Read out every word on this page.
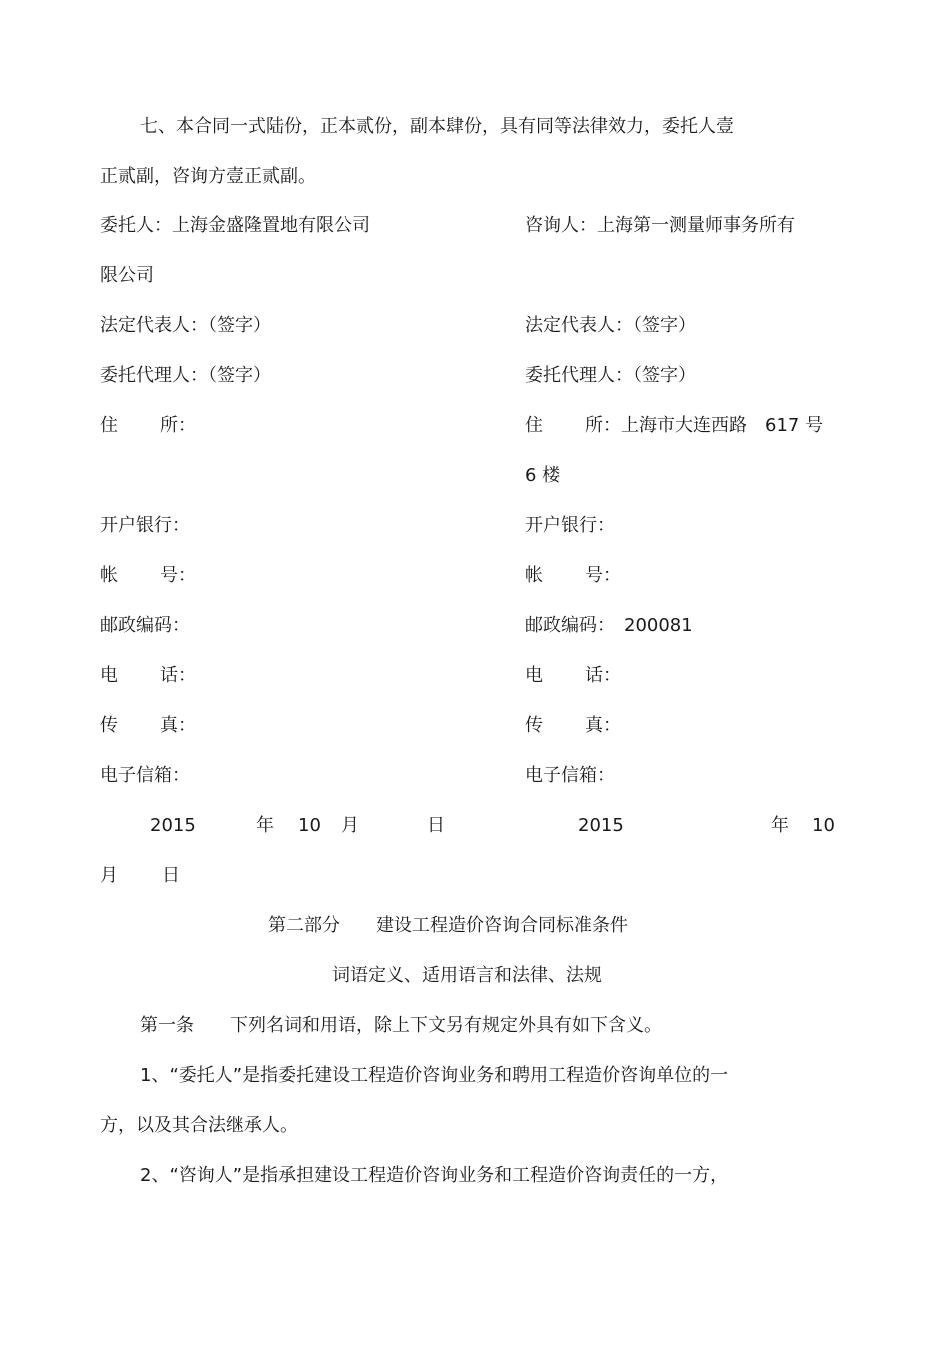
七、本合同一式陆份，正本贰份，副本肆份，具有同等法律效力，委托人壹
正贰副，咨询方壹正贰副。
委托人：上海金盛隆置地有限公司	咨询人：上海第一测量师事务所有
限公司
法定代表人：（签字）	法定代表人：（签字）
委托代理人：（签字）	委托代理人：（签字）
住 所：	住 所：上海市大连西路　617 号
6 楼
开户银行：	开户银行：
帐 号：	帐 号：
邮政编码：	邮政编码：　200081
电 话：	电 话：
传 真：	传 真：
电子信箱：	电子信箱：
2015	年 10 月	日	2015	年 10
月 日
第二部分　　建设工程造价咨询合同标准条件
词语定义、适用语言和法律、法规
第一条　　下列名词和用语，除上下文另有规定外具有如下含义。
1、“委托人”是指委托建设工程造价咨询业务和聘用工程造价咨询单位的一
方，以及其合法继承人。
2、“咨询人”是指承担建设工程造价咨询业务和工程造价咨询责任的一方，
